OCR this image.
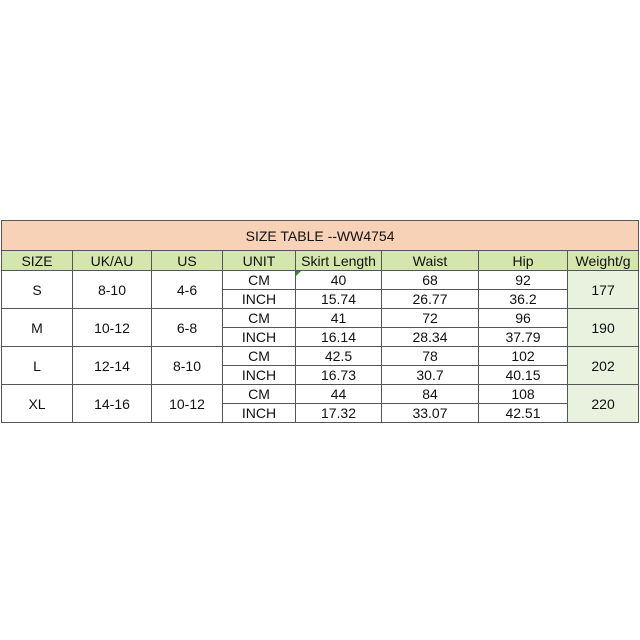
SIZE TABLE --WW4754							
SIZE	UK/AU	US	UNIT	Skirt Length	Waist	Hip	Weight/g
S	8-10	4-6	CM	40	68	92	177
			INCH	15.74	26.77	36.2	
M	10-12	6-8	CM	41	72	96	190
			INCH	16.14	28.34	37.79	
L	12-14	8-10	CM	42.5	78	102	202
			INCH	16.73	30.7	40.15	
XL	14-16	10-12	CM	44	84	108	220
			INCH	17.32	33.07	42.51	
